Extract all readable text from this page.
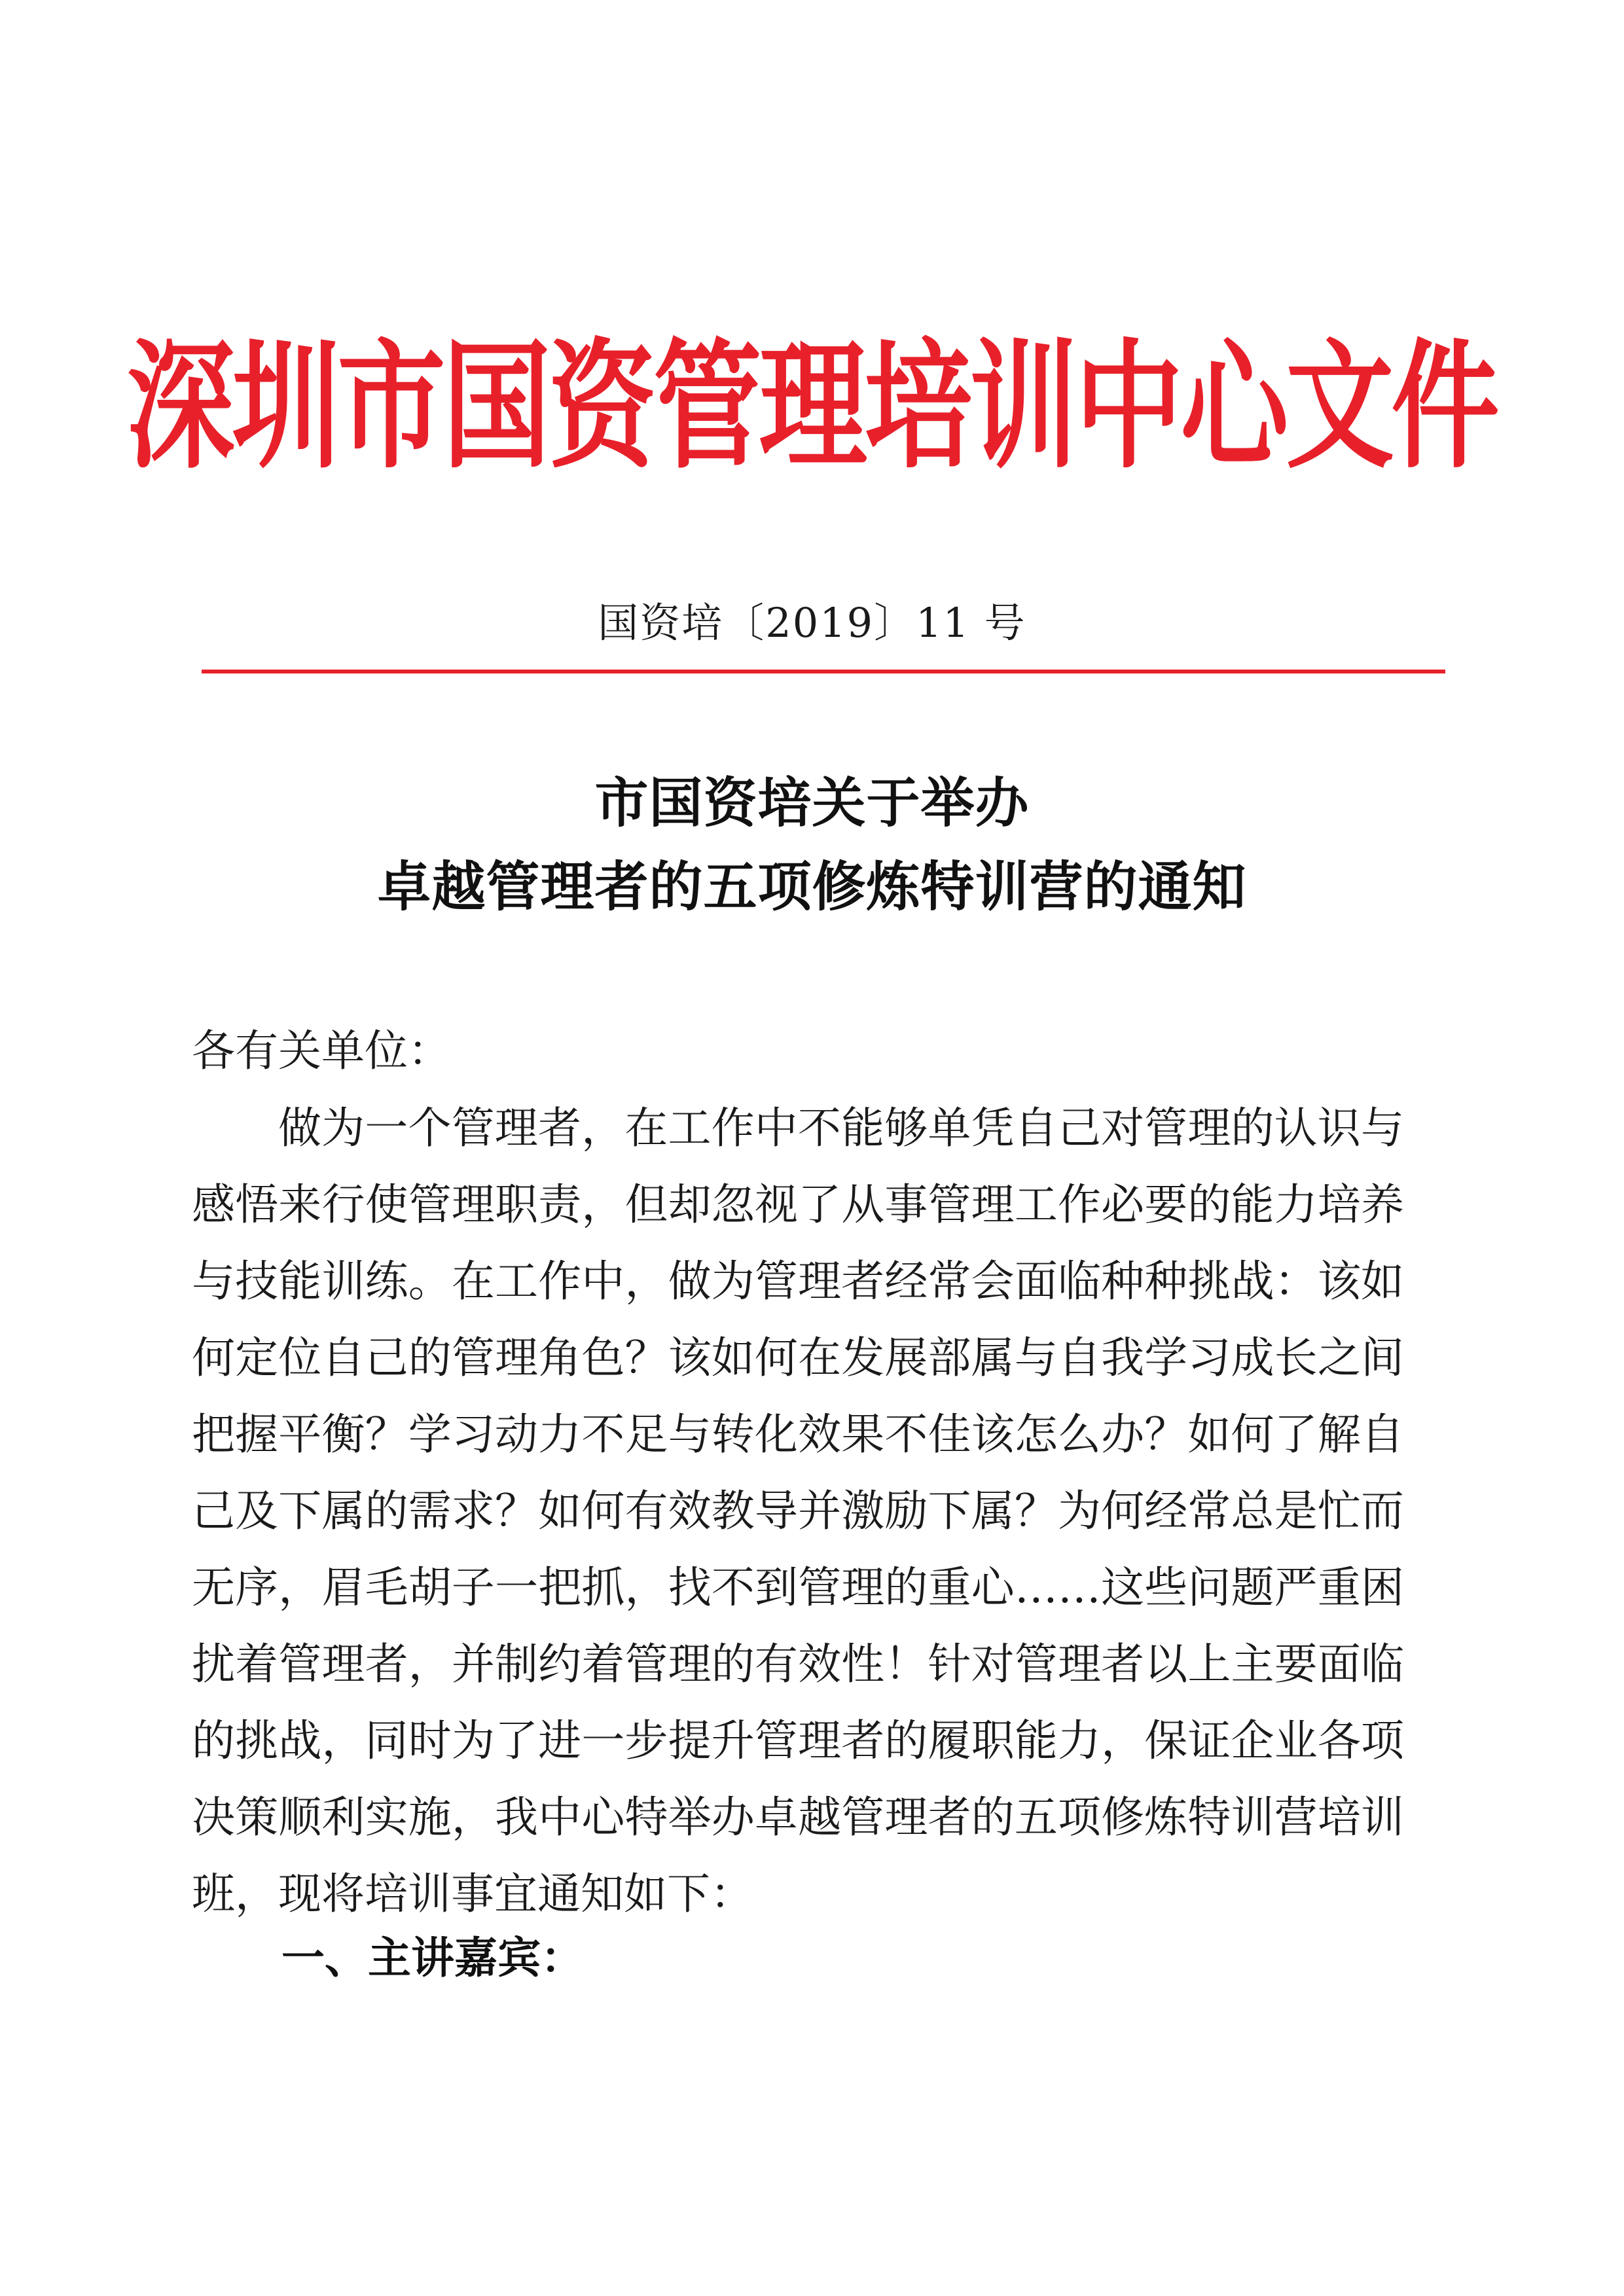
深圳市国资管理培训中心文件
国资培〔2019〕11 号
市国资培关于举办
卓越管理者的五项修炼特训营的通知
各有关单位：
做为一个管理者，在工作中不能够单凭自己对管理的认识与
感悟来行使管理职责，但却忽视了从事管理工作必要的能力培养
与技能训练。在工作中，做为管理者经常会面临种种挑战：该如
何定位自己的管理角色？该如何在发展部属与自我学习成长之间
把握平衡？学习动力不足与转化效果不佳该怎么办？如何了解自
己及下属的需求？如何有效教导并激励下属？为何经常总是忙而
无序，眉毛胡子一把抓，找不到管理的重心……这些问题严重困
扰着管理者，并制约着管理的有效性！针对管理者以上主要面临
的挑战，同时为了进一步提升管理者的履职能力，保证企业各项
决策顺利实施，我中心特举办卓越管理者的五项修炼特训营培训
班，现将培训事宜通知如下：
一、主讲嘉宾：
